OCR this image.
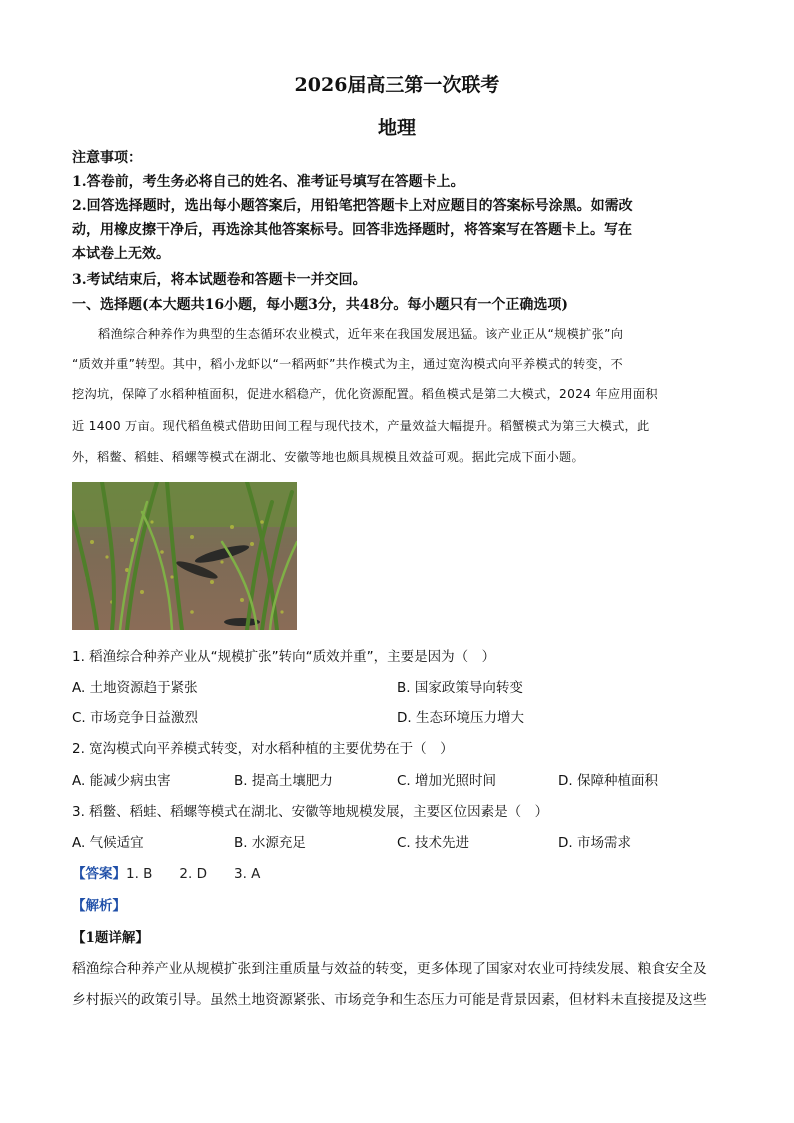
2026届高三第一次联考
地理
注意事项：
1.答卷前，考生务必将自己的姓名、准考证号填写在答题卡上。
2.回答选择题时，选出每小题答案后，用铅笔把答题卡上对应题目的答案标号涂黑。如需改
动，用橡皮擦干净后，再选涂其他答案标号。回答非选择题时，将答案写在答题卡上。写在
本试卷上无效。
3.考试结束后，将本试题卷和答题卡一并交回。
一、选择题(本大题共16小题，每小题3分，共48分。每小题只有一个正确选项)
稻渔综合种养作为典型的生态循环农业模式，近年来在我国发展迅猛。该产业正从“规模扩张”向
“质效并重”转型。其中，稻小龙虾以“一稻两虾”共作模式为主，通过宽沟模式向平养模式的转变，不
挖沟坑，保障了水稻种植面积，促进水稻稳产，优化资源配置。稻鱼模式是第二大模式，2024 年应用面积
近 1400 万亩。现代稻鱼模式借助田间工程与现代技术，产量效益大幅提升。稻蟹模式为第三大模式，此
外，稻鳖、稻蛙、稻螺等模式在湖北、安徽等地也颇具规模且效益可观。据此完成下面小题。
1. 稻渔综合种养产业从“规模扩张”转向“质效并重”，主要是因为（　）
A. 土地资源趋于紧张	B. 国家政策导向转变
C. 市场竞争日益激烈	D. 生态环境压力增大
2. 宽沟模式向平养模式转变，对水稻种植的主要优势在于（　）
A. 能减少病虫害	B. 提高土壤肥力	C. 增加光照时间	D. 保障种植面积
3. 稻鳖、稻蛙、稻螺等模式在湖北、安徽等地规模发展，主要区位因素是（　）
A. 气候适宜	B. 水源充足	C. 技术先进	D. 市场需求
【答案】1. B　　2. D　　3. A
【解析】
【1题详解】
稻渔综合种养产业从规模扩张到注重质量与效益的转变，更多体现了国家对农业可持续发展、粮食安全及
乡村振兴的政策引导。虽然土地资源紧张、市场竞争和生态压力可能是背景因素，但材料未直接提及这些
